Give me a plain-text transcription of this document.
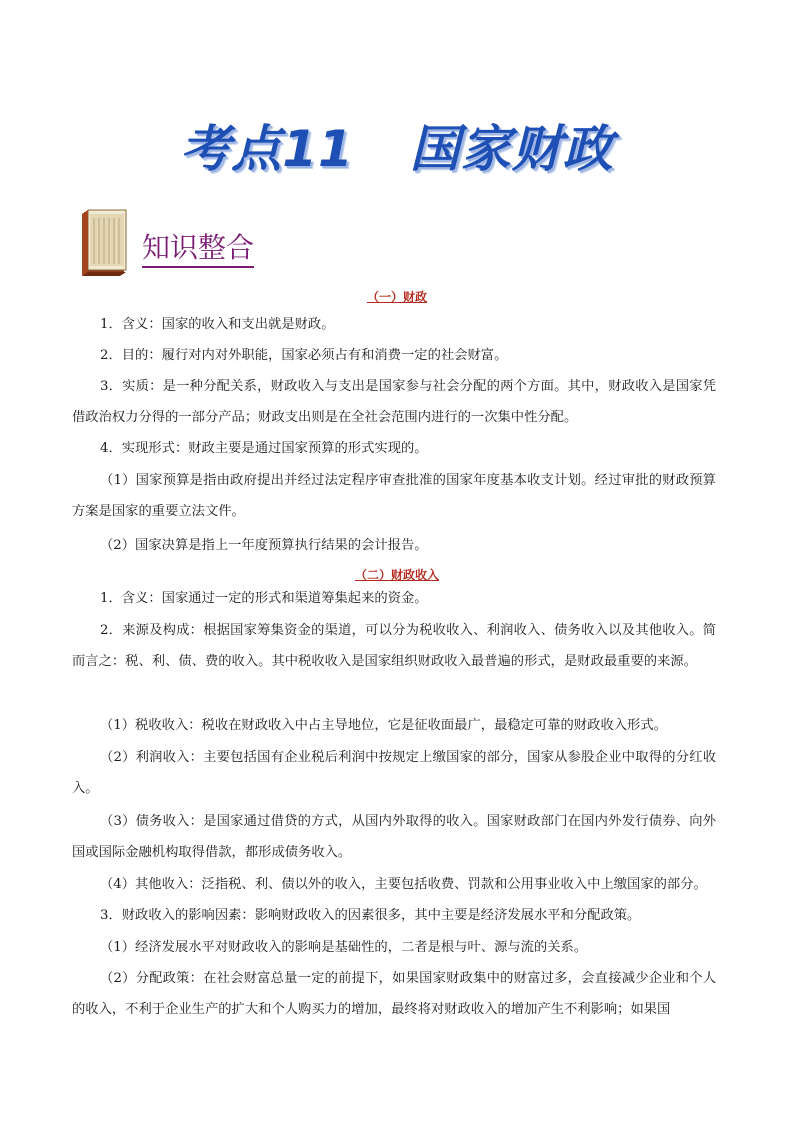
考点11 国家财政
知识整合
（一）财政
1．含义：国家的收入和支出就是财政。
2．目的：履行对内对外职能，国家必须占有和消费一定的社会财富。
3．实质：是一种分配关系，财政收入与支出是国家参与社会分配的两个方面。其中，财政收入是国家凭借政治权力分得的一部分产品；财政支出则是在全社会范围内进行的一次集中性分配。
4．实现形式：财政主要是通过国家预算的形式实现的。
（1）国家预算是指由政府提出并经过法定程序审查批准的国家年度基本收支计划。经过审批的财政预算方案是国家的重要立法文件。
（2）国家决算是指上一年度预算执行结果的会计报告。
（二）财政收入
1．含义：国家通过一定的形式和渠道筹集起来的资金。
2．来源及构成：根据国家筹集资金的渠道，可以分为税收收入、利润收入、债务收入以及其他收入。简而言之：税、利、债、费的收入。其中税收收入是国家组织财政收入最普遍的形式，是财政最重要的来源。
（1）税收收入：税收在财政收入中占主导地位，它是征收面最广，最稳定可靠的财政收入形式。
（2）利润收入：主要包括国有企业税后利润中按规定上缴国家的部分，国家从参股企业中取得的分红收入。
（3）债务收入：是国家通过借贷的方式，从国内外取得的收入。国家财政部门在国内外发行债券、向外国或国际金融机构取得借款，都形成债务收入。
（4）其他收入：泛指税、利、债以外的收入，主要包括收费、罚款和公用事业收入中上缴国家的部分。
3．财政收入的影响因素：影响财政收入的因素很多，其中主要是经济发展水平和分配政策。
（1）经济发展水平对财政收入的影响是基础性的，二者是根与叶、源与流的关系。
（2）分配政策：在社会财富总量一定的前提下，如果国家财政集中的财富过多，会直接减少企业和个人的收入，不利于企业生产的扩大和个人购买力的增加，最终将对财政收入的增加产生不利影响；如果国
